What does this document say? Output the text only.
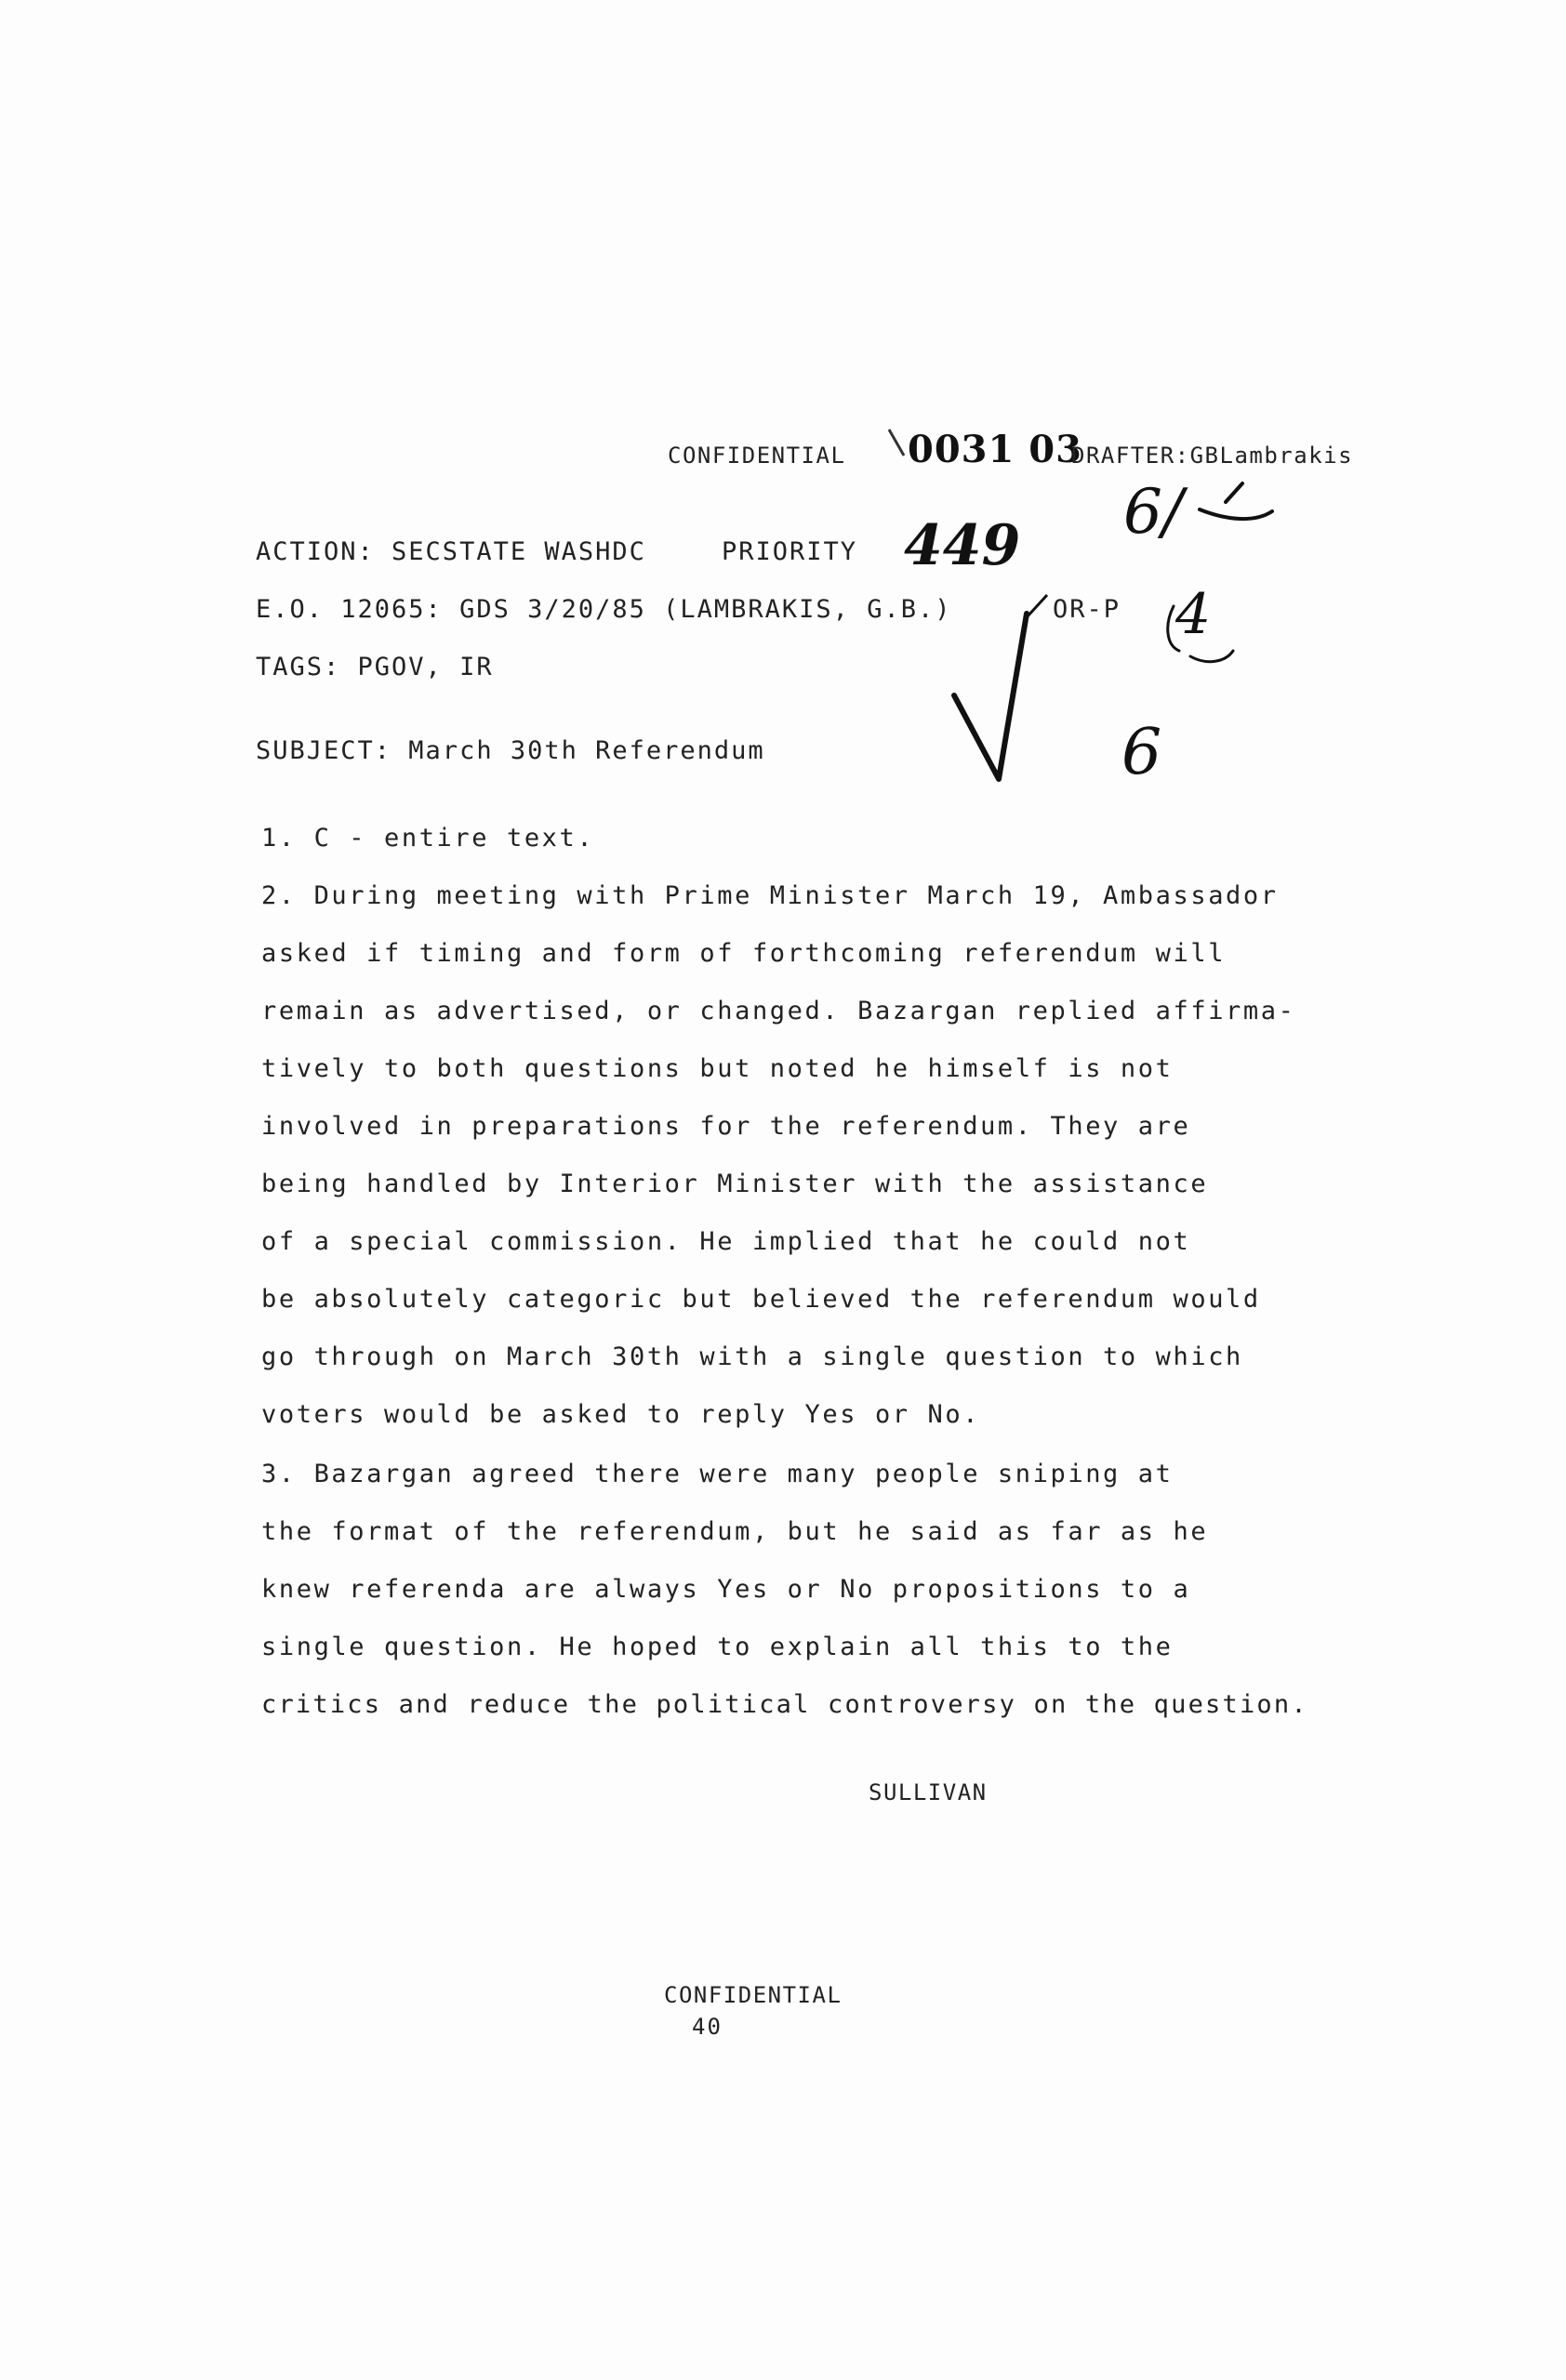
CONFIDENTIAL 0031 03
DRAFTER:GBLambrakis
ACTION: SECSTATE WASHDC	PRIORITY 449
E.O. 12065: GDS 3/20/85 (LAMBRAKIS, G.B.)	OR-P
TAGS: PGOV, IR
SUBJECT: March 30th Referendum
6/
4
6
1. C - entire text.
2. During meeting with Prime Minister March 19, Ambassador
asked if timing and form of forthcoming referendum will
remain as advertised, or changed. Bazargan replied affirma-
tively to both questions but noted he himself is not
involved in preparations for the referendum. They are
being handled by Interior Minister with the assistance
of a special commission. He implied that he could not
be absolutely categoric but believed the referendum would
go through on March 30th with a single question to which
voters would be asked to reply Yes or No.
3. Bazargan agreed there were many people sniping at
the format of the referendum, but he said as far as he
knew referenda are always Yes or No propositions to a
single question. He hoped to explain all this to the
critics and reduce the political controversy on the question.
SULLIVAN
CONFIDENTIAL
40
